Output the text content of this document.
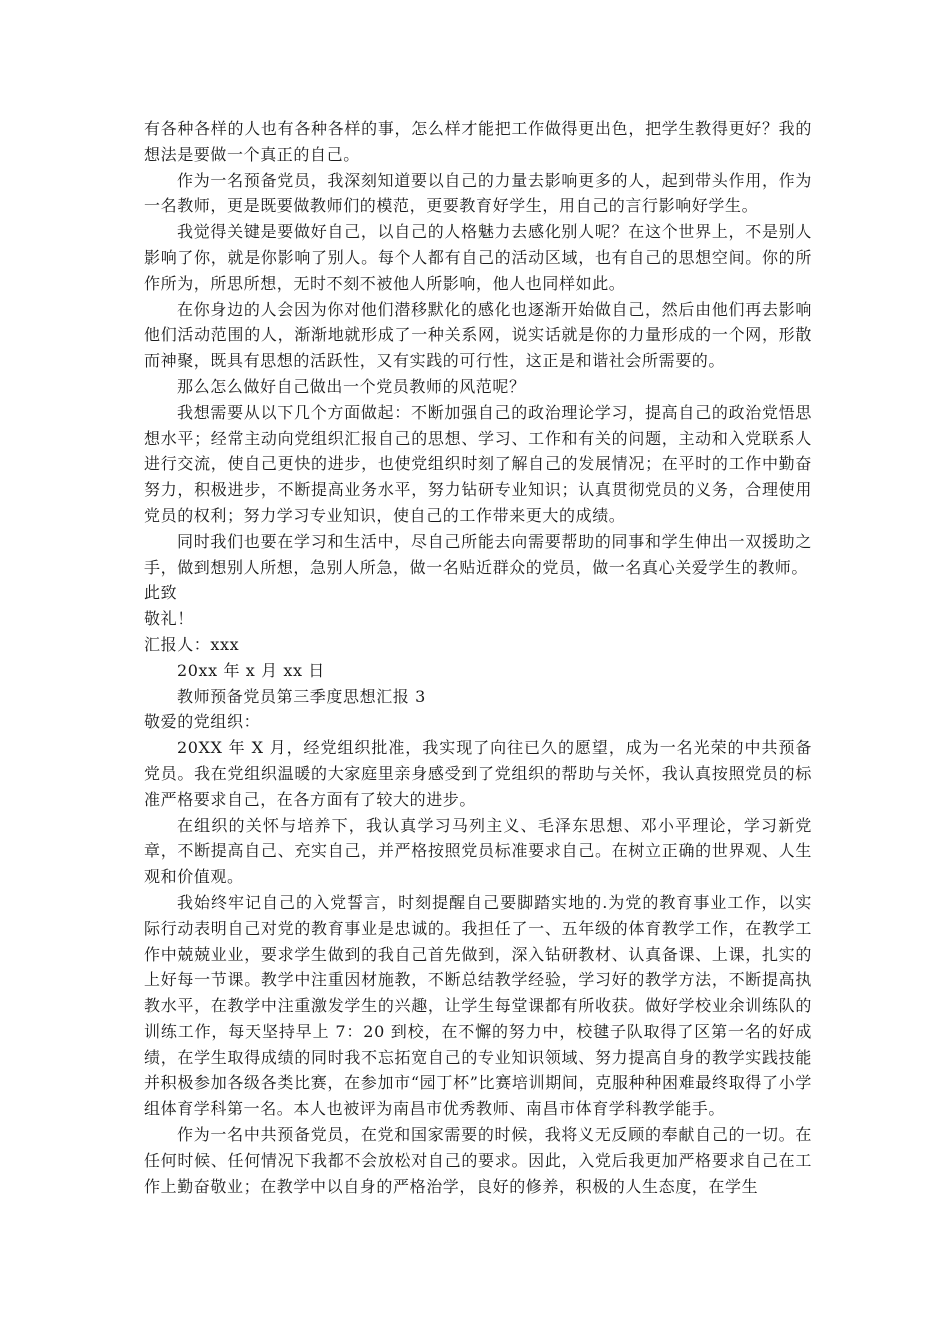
有各种各样的人也有各种各样的事，怎么样才能把工作做得更出色，把学生教得更好？我的想法是要做一个真正的自己。

作为一名预备党员，我深刻知道要以自己的力量去影响更多的人，起到带头作用，作为一名教师，更是既要做教师们的模范，更要教育好学生，用自己的言行影响好学生。

我觉得关键是要做好自己，以自己的人格魅力去感化别人呢？在这个世界上，不是别人影响了你，就是你影响了别人。每个人都有自己的活动区域，也有自己的思想空间。你的所作所为，所思所想，无时不刻不被他人所影响，他人也同样如此。

在你身边的人会因为你对他们潜移默化的感化也逐渐开始做自己，然后由他们再去影响他们活动范围的人，渐渐地就形成了一种关系网，说实话就是你的力量形成的一个网，形散而神聚，既具有思想的活跃性，又有实践的可行性，这正是和谐社会所需要的。

那么怎么做好自己做出一个党员教师的风范呢？

我想需要从以下几个方面做起：不断加强自己的政治理论学习，提高自己的政治党悟思想水平；经常主动向党组织汇报自己的思想、学习、工作和有关的问题，主动和入党联系人进行交流，使自己更快的进步，也使党组织时刻了解自己的发展情况；在平时的工作中勤奋努力，积极进步，不断提高业务水平，努力钻研专业知识；认真贯彻党员的义务，合理使用党员的权利；努力学习专业知识，使自己的工作带来更大的成绩。

同时我们也要在学习和生活中，尽自己所能去向需要帮助的同事和学生伸出一双援助之手，做到想别人所想，急别人所急，做一名贴近群众的党员，做一名真心关爱学生的教师。

此致

敬礼！

汇报人：xxx

20xx 年 x 月 xx 日

教师预备党员第三季度思想汇报 3

敬爱的党组织：

20XX 年 X 月，经党组织批准，我实现了向往已久的愿望，成为一名光荣的中共预备党员。我在党组织温暖的大家庭里亲身感受到了党组织的帮助与关怀，我认真按照党员的标准严格要求自己，在各方面有了较大的进步。

在组织的关怀与培养下，我认真学习马列主义、毛泽东思想、邓小平理论，学习新党章，不断提高自己、充实自己，并严格按照党员标准要求自己。在树立正确的世界观、人生观和价值观。

我始终牢记自己的入党誓言，时刻提醒自己要脚踏实地的.为党的教育事业工作，以实际行动表明自己对党的教育事业是忠诚的。我担任了一、五年级的体育教学工作，在教学工作中兢兢业业，要求学生做到的我自己首先做到，深入钻研教材、认真备课、上课，扎实的上好每一节课。教学中注重因材施教，不断总结教学经验，学习好的教学方法，不断提高执教水平，在教学中注重激发学生的兴趣，让学生每堂课都有所收获。做好学校业余训练队的训练工作，每天坚持早上 7：20 到校，在不懈的努力中，校毽子队取得了区第一名的好成绩，在学生取得成绩的同时我不忘拓宽自己的专业知识领域、努力提高自身的教学实践技能并积极参加各级各类比赛，在参加市“园丁杯”比赛培训期间，克服种种困难最终取得了小学组体育学科第一名。本人也被评为南昌市优秀教师、南昌市体育学科教学能手。

作为一名中共预备党员，在党和国家需要的时候，我将义无反顾的奉献自己的一切。在任何时候、任何情况下我都不会放松对自己的要求。因此，入党后我更加严格要求自己在工作上勤奋敬业；在教学中以自身的严格治学，良好的修养，积极的人生态度，在学生
